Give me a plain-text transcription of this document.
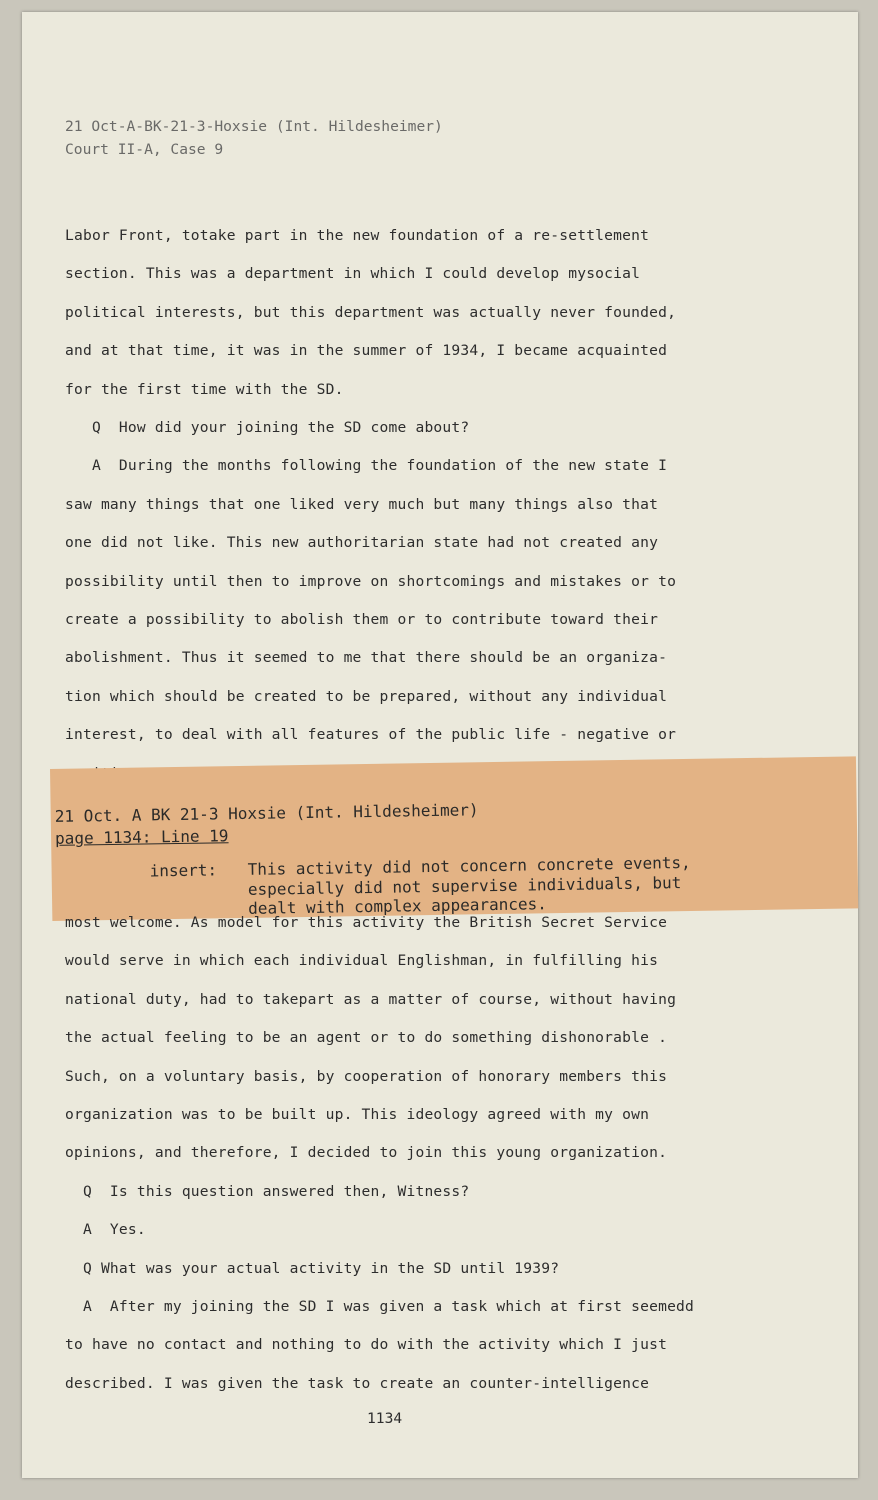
21 Oct-A-BK-21-3-Hoxsie (Int. Hildesheimer)
Court II-A, Case 9
Labor Front, totake part in the new foundation of a re-settlement
section. This was a department in which I could develop mysocial
political interests, but this department was actually never founded,
and at that time, it was in the summer of 1934, I became acquainted
for the first time with the SD.
Q  How did your joining the SD come about?
A  During the months following the foundation of the new state I
saw many things that one liked very much but many things also that
one did not like. This new authoritarian state had not created any
possibility until then to improve on shortcomings and mistakes or to
create a possibility to abolish them or to contribute toward their
abolishment. Thus it seemed to me that there should be an organiza-
tion which should be created to be prepared, without any individual
interest, to deal with all features of the public life - negative or
21 Oct. A BK 21-3 Hoxsie (Int. Hildesheimer)
page 1134: Line 19
insert: This activity did not concern concrete events,
especially did not supervise individuals, but
dealt with complex appearances.
most welcome. As model for this activity the British Secret Service
would serve in which each individual Englishman, in fulfilling his
national duty, had to takepart as a matter of course, without having
the actual feeling to be an agent or to do something dishonorable .
Such, on a voluntary basis, by cooperation of honorary members this
organization was to be built up. This ideology agreed with my own
opinions, and therefore, I decided to join this young organization.
Q  Is this question answered then, Witness?
A  Yes.
Q What was your actual activity in the SD until 1939?
A  After my joining the SD I was given a task which at first seemedd
to have no contact and nothing to do with the activity which I just
described. I was given the task to create an counter-intelligence
1134
